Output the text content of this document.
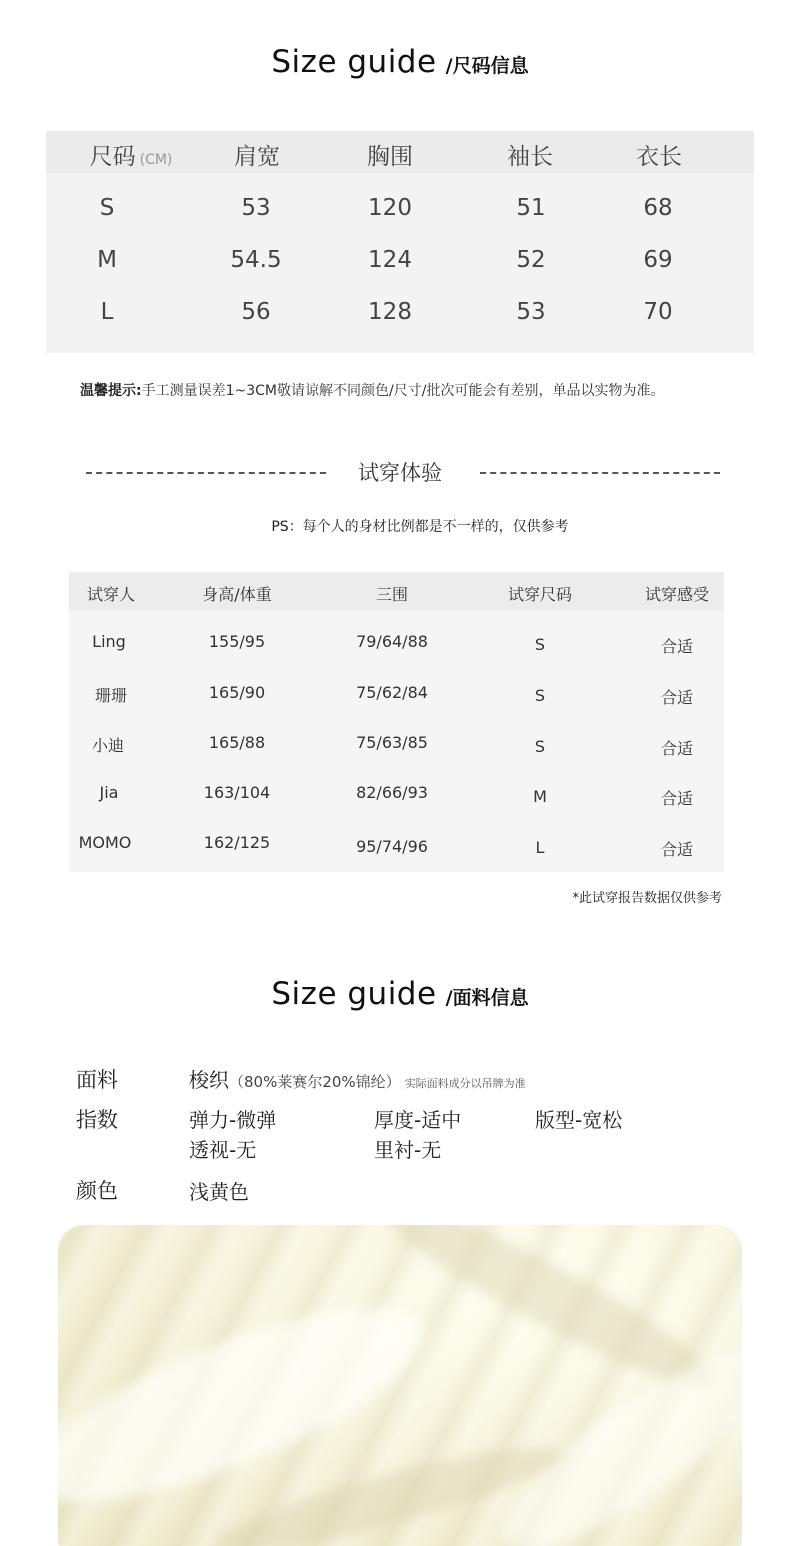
Size guide /尺码信息
尺码 (CM)	肩宽	胸围	袖长	衣长
S	53	120	51	68
M	54.5	124	52	69
L	56	128	53	70
温馨提示:手工测量误差1~3CM敬请谅解不同颜色/尺寸/批次可能会有差别，单品以实物为准。
试穿体验
PS：每个人的身材比例都是不一样的，仅供参考
试穿人	身高/体重	三围	试穿尺码	试穿感受
Ling	155/95	79/64/88	S	合适
珊珊	165/90	75/62/84	S	合适
小迪	165/88	75/63/85	S	合适
Jia	163/104	82/66/93	M	合适
MOMO	162/125	95/74/96	L	合适
*此试穿报告数据仅供参考
Size guide /面料信息
面料	梭织（80%莱赛尔20%锦纶） 实际面料成分以吊牌为准
指数	弹力-微弹	厚度-适中	版型-宽松
透视-无	里衬-无
颜色	浅黄色
